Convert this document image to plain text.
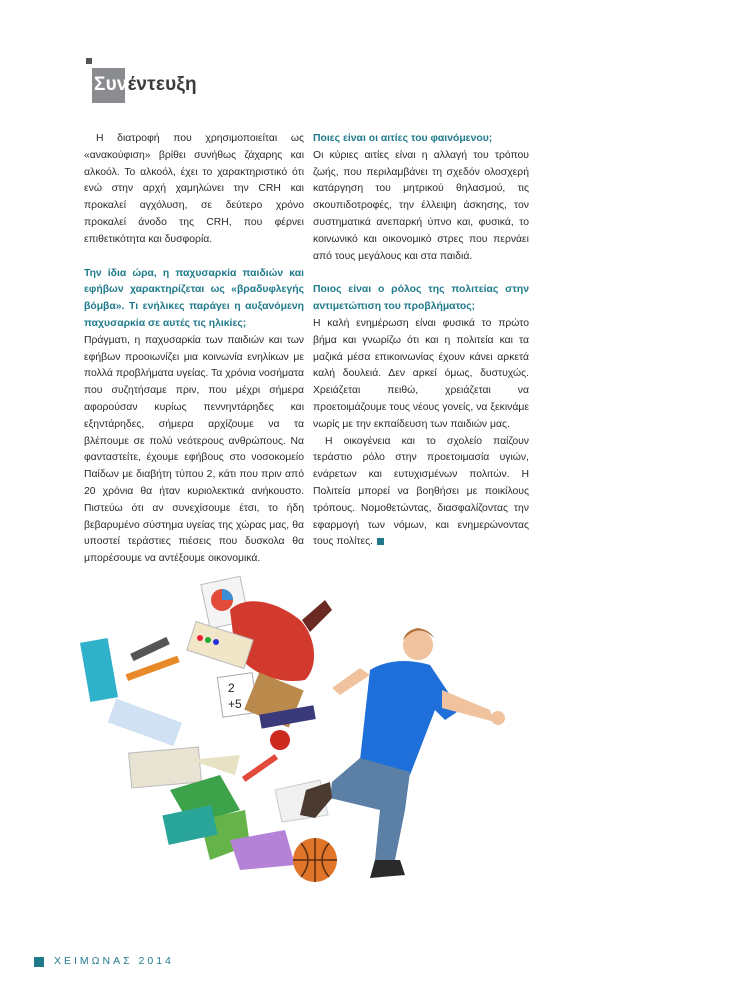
Συνέντευξη

Η διατροφή που χρησιμοποιείται ως «ανακούφιση» βρίθει συνήθως ζάχαρης και αλκοόλ. Το αλκοόλ, έχει το χαρακτηριστικό ότι ενώ στην αρχή χαμηλώνει την CRH και προκαλεί αγχόλυση, σε δεύτερο χρόνο προκαλεί άνοδο της CRH, που φέρνει επιθετικότητα και δυσφορία.

Την ίδια ώρα, η παχυσαρκία παιδιών και εφήβων χαρακτηρίζεται ως «βραδυφλεγής βόμβα». Τι ενήλικες παράγει η αυξανόμενη παχυσαρκία σε αυτές τις ηλικίες;

Πράγματι, η παχυσαρκία των παιδιών και των εφήβων προοιωνίζει μια κοινωνία ενηλίκων με πολλά προβλήματα υγείας. Τα χρόνια νοσήματα που συζητήσαμε πριν, που μέχρι σήμερα αφορούσαν κυρίως πεννηντάρηδες και εξηντάρηδες, σήμερα αρχίζουμε να τα βλέπουμε σε πολύ νεότερους ανθρώπους. Να φανταστείτε, έχουμε εφήβους στο νοσοκομείο Παίδων με διαβήτη τύπου 2, κάτι που πριν από 20 χρόνια θα ήταν κυριολεκτικά ανήκουστο. Πιστεύω ότι αν συνεχίσουμε έτσι, το ήδη βεβαρυμένο σύστημα υγείας της χώρας μας, θα υποστεί τεράστιες πιέσεις που δυσκολα θα μπορέσουμε να αντέξουμε οικονομικά.

Ποιες είναι οι αιτίες του φαινόμενου;

Οι κύριες αιτίες είναι η αλλαγή του τρόπου ζωής, που περιλαμβάνει τη σχεδόν ολοσχερή κατάργηση του μητρικού θηλασμού, τις σκουπιδοτροφές, την έλλειψη άσκησης, τον συστηματικά ανεπαρκή ύπνο και, φυσικά, το κοινωνικό και οικονομικό στρες που περνάει από τους μεγάλους και στα παιδιά.

Ποιος είναι ο ρόλος της πολιτείας στην αντιμετώπιση του προβλήματος;

Η καλή ενημέρωση είναι φυσικά το πρώτο βήμα και γνωρίζω ότι και η πολιτεία και τα μαζικά μέσα επικοινωνίας έχουν κάνει αρκετά καλή δουλειά. Δεν αρκεί όμως, δυστυχώς. Χρειάζεται πειθώ, χρειάζεται να προετοιμάζουμε τους νέους γονείς, να ξεκινάμε νωρίς με την εκπαίδευση των παιδιών μας.

Η οικογένεια και το σχολείο παίζουν τεράστιο ρόλο στην προετοιμασία υγιών, ενάρετων και ευτυχισμένων πολιτών. Η Πολιτεία μπορεί να βοηθήσει με ποικίλους τρόπους. Νομοθετώντας, διασφαλίζοντας την εφαρμογή των νόμων, και ενημερώνοντας τους πολίτες.

2
+5
ΧΕΙΜΩΝΑΣ 2014
